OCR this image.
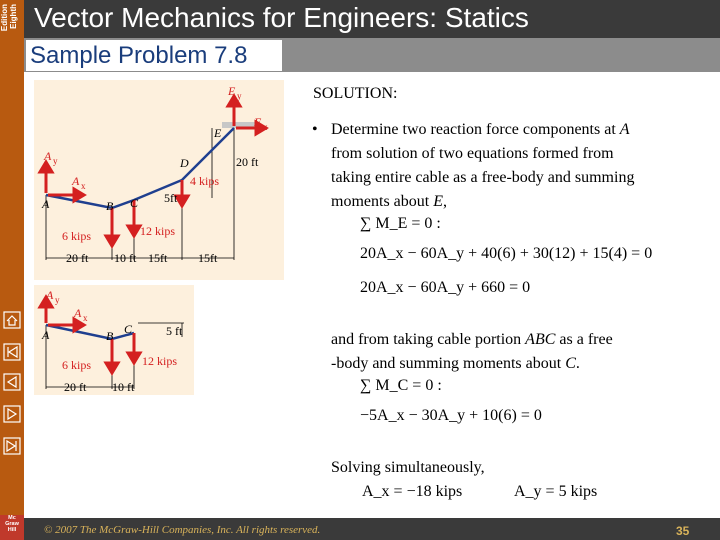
Eighth
Edition Vector Mechanics for Engineers: Statics
Sample Problem 7.8
Mc
Graw
Hill	© 2007 The McGraw-Hill Companies, Inc. All rights reserved.	35
E y
E x
E
D
B C
A
A y
A x
20 ft
4 kips
5ft
6 kips	12 kips
20 ft 10 ft 15ft	15ft
A y
A x
A	B C	5 ft
6 kips	12 kips
20 ft 10 ft
SOLUTION:
• Determine two reaction force components at A
from solution of two equations formed from
taking entire cable as a free-body and summing
moments about E,
∑ M_E = 0 :
20A_x − 60A_y + 40(6) + 30(12) + 15(4) = 0
20A_x − 60A_y + 660 = 0
and from taking cable portion ABC as a free
-body and summing moments about C.
∑ M_C = 0 :
−5A_x − 30A_y + 10(6) = 0
Solving simultaneously,
A_x = −18 kips	A_y = 5 kips
